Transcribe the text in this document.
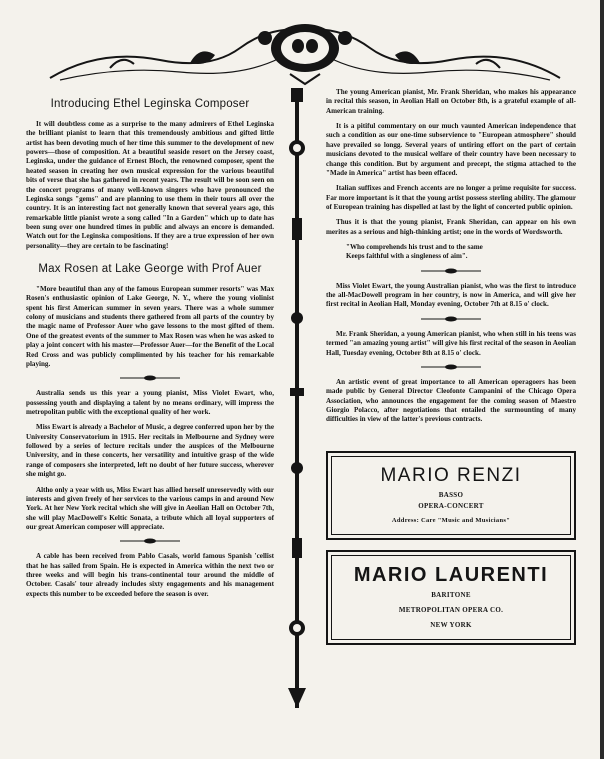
Introducing Ethel Leginska Composer

It will doubtless come as a surprise to the many admirers of Ethel Leginska the brilliant pianist to learn that this tremendously ambitious and gifted little artist has been devoting much of her time this summer to the development of new powers—those of composition. At a beautiful seaside resort on the Jersey coast, Leginska, under the guidance of Ernest Bloch, the renowned composer, spent the heated season in creating her own musical expression for the various beautiful bits of verse that she has gathered in recent years. The result will be soon seen on the concert programs of many well-known singers who have pronounced the Leginska songs "gems" and are planning to use them in their tours all over the country. It is an interesting fact not generally known that several years ago, this remarkable little pianist wrote a song called "In a Garden" which up to date has been sung over one hundred times in public and always an encore is demanded. Watch out for the Leginska compositions. If they are a true expression of her own personality—they are certain to be fascinating!

Max Rosen at Lake George with Prof Auer

"More beautiful than any of the famous European summer resorts" was Max Rosen's enthusiastic opinion of Lake George, N. Y., where the young violinist spent his first American summer in seven years. There was a whole summer colony of musicians and students there gathered from all parts of the country by the magic name of Professor Auer who gave lessons to the most gifted of them. One of the greatest events of the summer to Max Rosen was when he was asked to play a joint concert with his master—Professor Auer—for the Benefit of the Local Red Cross and was publicly complimented by his teacher for his remarkable playing.

Australia sends us this year a young pianist, Miss Violet Ewart, who, possessing youth and displaying a talent by no means ordinary, will impress the metropolitan public with the exceptional quality of her work.

Miss Ewart is already a Bachelor of Music, a degree conferred upon her by the University Conservatorium in 1915. Her recitals in Melbourne and Sydney were followed by a series of lecture recitals under the auspices of the Melbourne University, and in these concerts, her versatility and intuitive grasp of the wide range of composers she interpreted, left no doubt of her future success, wherever she might go.

Altho only a year with us, Miss Ewart has allied herself unreservedly with our interests and given freely of her services to the various camps in and around New York. At her New York recital which she will give in Aeolian Hall on October 7th, she will play MacDowell's Keltic Sonata, a tribute which all loyal supporters of our great American composer will appreciate.

A cable has been received from Pablo Casals, world famous Spanish 'cellist that he has sailed from Spain. He is expected in America within the next two or three weeks and will begin his trans-continental tour around the middle of October. Casals' tour already includes sixty engagements and his management expects this number to be exceeded before the season is over.

The young American pianist, Mr. Frank Sheridan, who makes his appearance in recital this season, in Aeolian Hall on October 8th, is a grateful example of all-American training.

It is a pitiful commentary on our much vaunted American independence that such a condition as our one-time subservience to "European atmosphere" should have prevailed so longg. Several years of untiring effort on the part of certain musicians devoted to the musical welfare of their country have been necessary to change this condition. But by argument and precept, the stigma attached to the "Made in America" artist has been effaced.

Italian suffixes and French accents are no longer a prime requisite for success. Far more important is it that the young artist possess sterling ability. The glamour of European training has dispelled at last by the light of concerted public opinion.

Thus it is that the young pianist, Frank Sheridan, can appear on his own merites as a serious and high-thinking artist; one in the words of Wordsworth.

"Who comprehends his trust and to the same

Keeps faithful with a singleness of aim".

Miss Violet Ewart, the young Australian pianist, who was the first to introduce the all-MacDowell program in her country, is now in America, and will give her first recital in Aeolian Hall, Monday evening, October 7th at 8.15 o' clock.

Mr. Frank Sheridan, a young American pianist, who when still in his teens was termed "an amazing young artist" will give his first recital of the season in Aeolian Hall, Tuesday evening, October 8th at 8.15 o' clock.

An artistic event of great importance to all American operagoers has been made public by General Director Cleofonte Campanini of the Chicago Opera Association, who announces the engagement for the coming season of Maestro Giorgio Polacco, after negotiations that entailed the surmounting of many difficulties in view of the latter's previous contracts.

MARIO RENZI
BASSO
OPERA-CONCERT
Address: Care "Music and Musicians"
MARIO LAURENTI
BARITONE
METROPOLITAN OPERA CO.
NEW YORK
